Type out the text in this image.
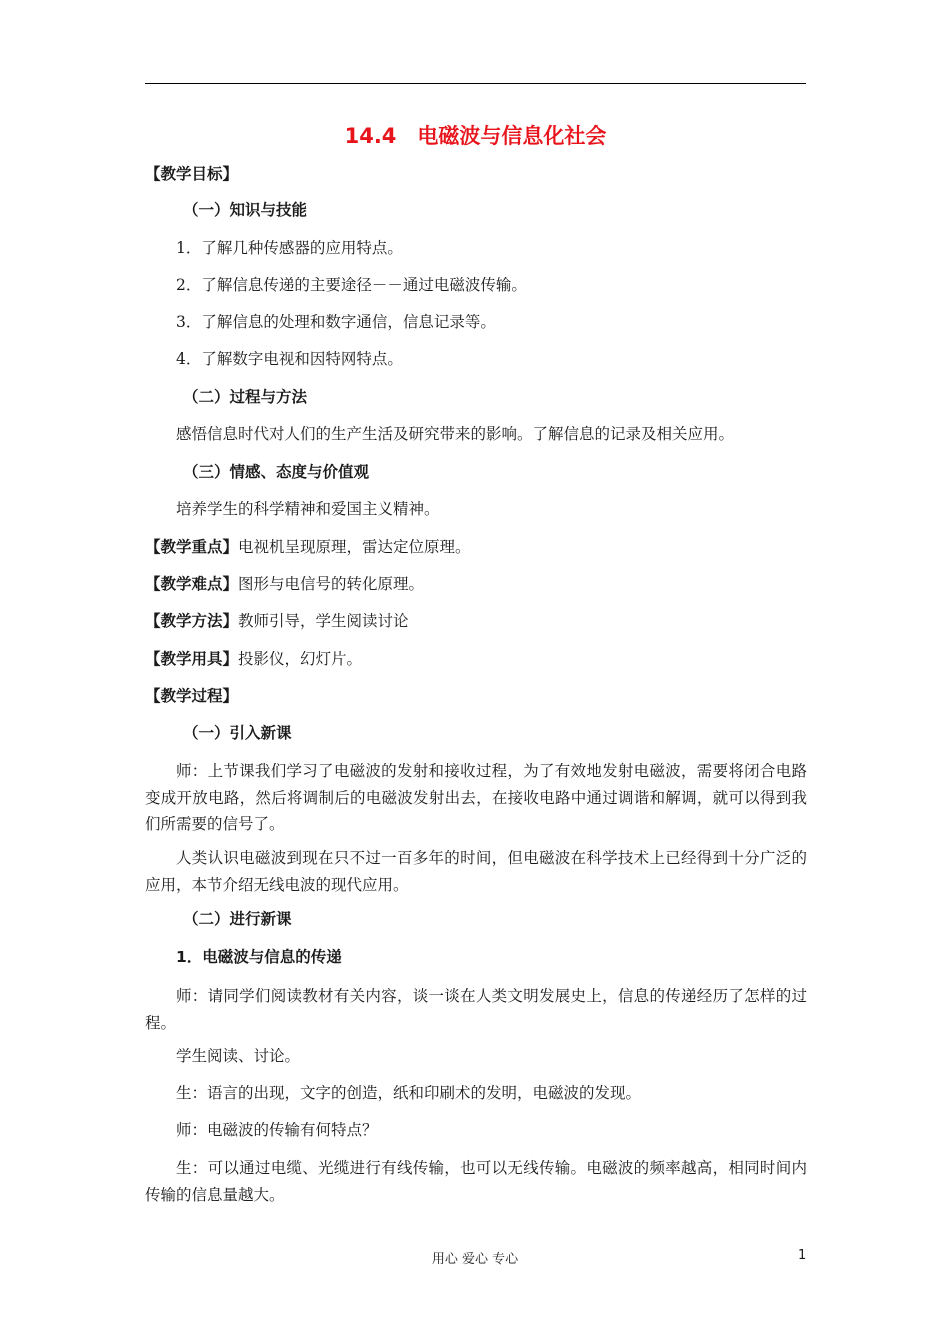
14.4　电磁波与信息化社会
【教学目标】
（一）知识与技能
1．了解几种传感器的应用特点。
2．了解信息传递的主要途径－－通过电磁波传输。
3．了解信息的处理和数字通信，信息记录等。
4．了解数字电视和因特网特点。
（二）过程与方法
感悟信息时代对人们的生产生活及研究带来的影响。了解信息的记录及相关应用。
（三）情感、态度与价值观
培养学生的科学精神和爱国主义精神。
【教学重点】电视机呈现原理，雷达定位原理。
【教学难点】图形与电信号的转化原理。
【教学方法】教师引导，学生阅读讨论
【教学用具】投影仪，幻灯片。
【教学过程】
（一）引入新课
师：上节课我们学习了电磁波的发射和接收过程，为了有效地发射电磁波，需要将闭合电路变成开放电路，然后将调制后的电磁波发射出去，在接收电路中通过调谐和解调，就可以得到我们所需要的信号了。
人类认识电磁波到现在只不过一百多年的时间，但电磁波在科学技术上已经得到十分广泛的应用，本节介绍无线电波的现代应用。
（二）进行新课
1．电磁波与信息的传递
师：请同学们阅读教材有关内容，谈一谈在人类文明发展史上，信息的传递经历了怎样的过程。
学生阅读、讨论。
生：语言的出现，文字的创造，纸和印刷术的发明，电磁波的发现。
师：电磁波的传输有何特点？
生：可以通过电缆、光缆进行有线传输，也可以无线传输。电磁波的频率越高，相同时间内传输的信息量越大。
用心 爱心 专心	1
